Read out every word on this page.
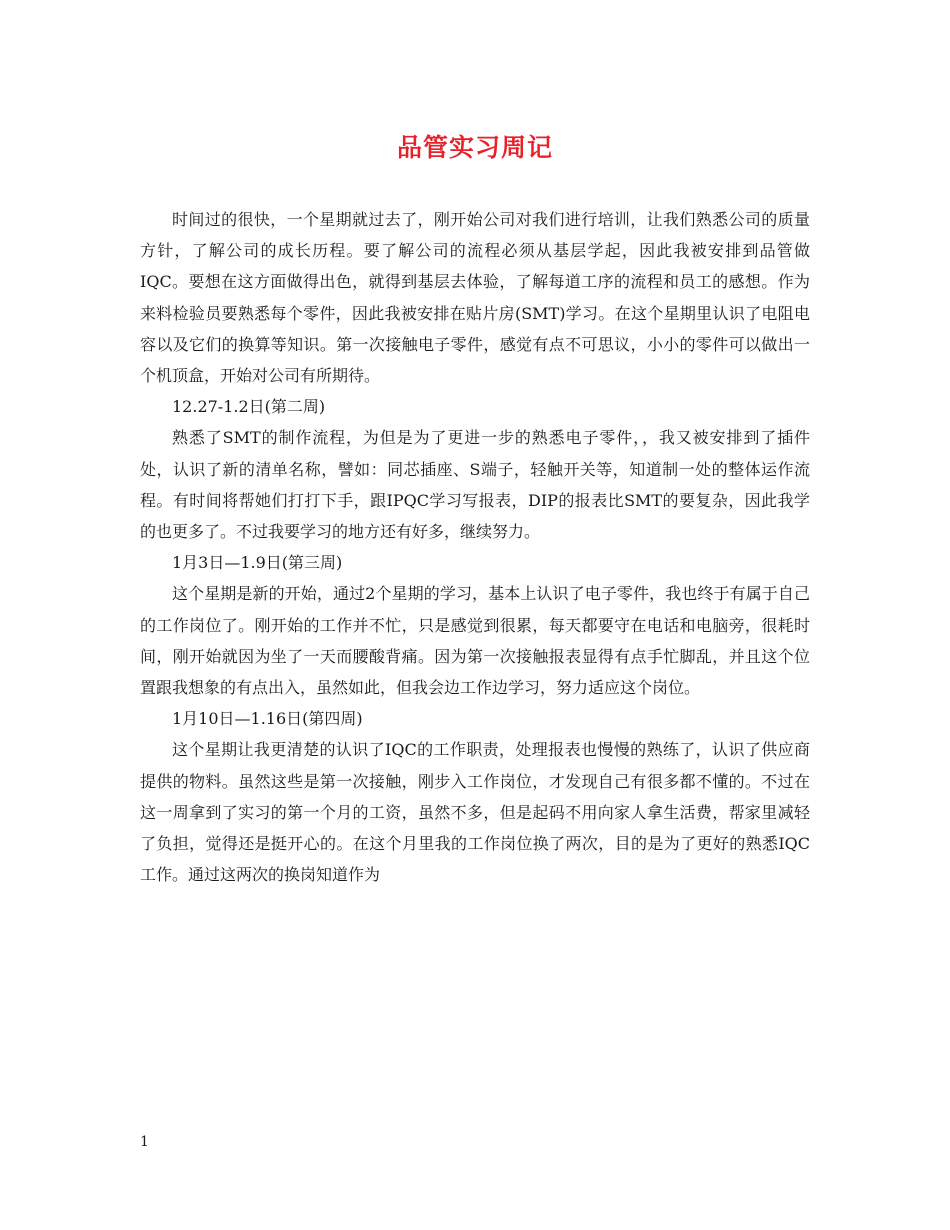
品管实习周记

时间过的很快，一个星期就过去了，刚开始公司对我们进行培训，让我们熟悉公司的质量方针，了解公司的成长历程。要了解公司的流程必须从基层学起，因此我被安排到品管做IQC。要想在这方面做得出色，就得到基层去体验，了解每道工序的流程和员工的感想。作为来料检验员要熟悉每个零件，因此我被安排在贴片房(SMT)学习。在这个星期里认识了电阻电容以及它们的换算等知识。第一次接触电子零件，感觉有点不可思议，小小的零件可以做出一个机顶盒，开始对公司有所期待。

12.27-1.2日(第二周)

熟悉了SMT的制作流程，为但是为了更进一步的熟悉电子零件，，我又被安排到了插件处，认识了新的清单名称，譬如：同芯插座、S端子，轻触开关等，知道制一处的整体运作流程。有时间将帮她们打打下手，跟IPQC学习写报表，DIP的报表比SMT的要复杂，因此我学的也更多了。不过我要学习的地方还有好多，继续努力。

1月3日—1.9日(第三周)

这个星期是新的开始，通过2个星期的学习，基本上认识了电子零件，我也终于有属于自己的工作岗位了。刚开始的工作并不忙，只是感觉到很累，每天都要守在电话和电脑旁，很耗时间，刚开始就因为坐了一天而腰酸背痛。因为第一次接触报表显得有点手忙脚乱，并且这个位置跟我想象的有点出入，虽然如此，但我会边工作边学习，努力适应这个岗位。

1月10日—1.16日(第四周)

这个星期让我更清楚的认识了IQC的工作职责，处理报表也慢慢的熟练了，认识了供应商提供的物料。虽然这些是第一次接触，刚步入工作岗位，才发现自己有很多都不懂的。不过在这一周拿到了实习的第一个月的工资，虽然不多，但是起码不用向家人拿生活费，帮家里减轻了负担，觉得还是挺开心的。在这个月里我的工作岗位换了两次，目的是为了更好的熟悉IQC工作。通过这两次的换岗知道作为

1
